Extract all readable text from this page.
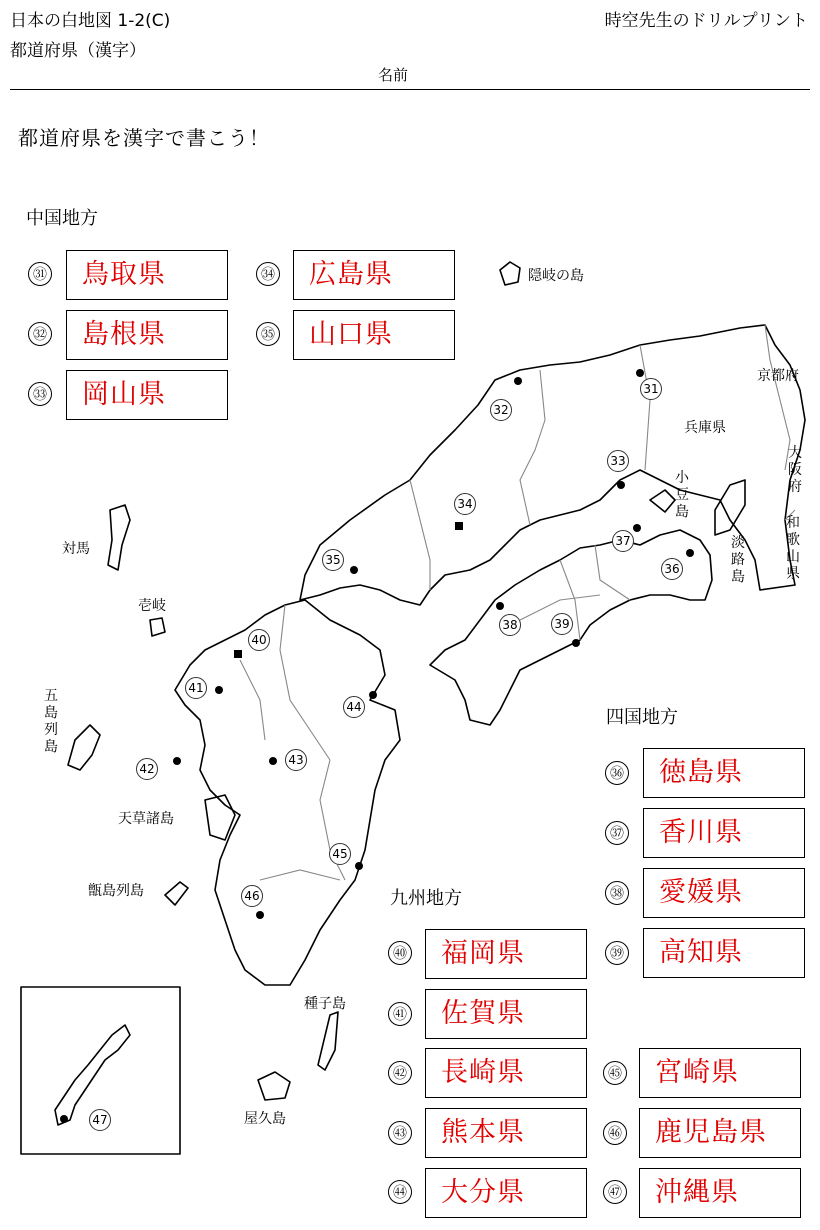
日本の白地図 1-2(C)
都道府県（漢字）
時空先生のドリルプリント
名前
都道府県を漢字で書こう！
中国地方
四国地方
九州地方
隠岐の島
兵庫県
京都府
大阪府
和歌山県
小豆島
淡路島
対馬
壱岐
五島列島
天草諸島
甑島列島
種子島
屋久島
31
32
33
34
35
36
37
38	39
40
41
42
43
44
45
46
47
㉛	鳥取県
㉜	島根県
㉝	岡山県
㉞	広島県
㉟	山口県
㊱	徳島県
㊲	香川県
㊳	愛媛県
㊴	高知県
㊵	福岡県
㊶	佐賀県
㊷	長崎県
㊸	熊本県
㊹	大分県
㊺	宮崎県
㊻	鹿児島県
㊼	沖縄県
